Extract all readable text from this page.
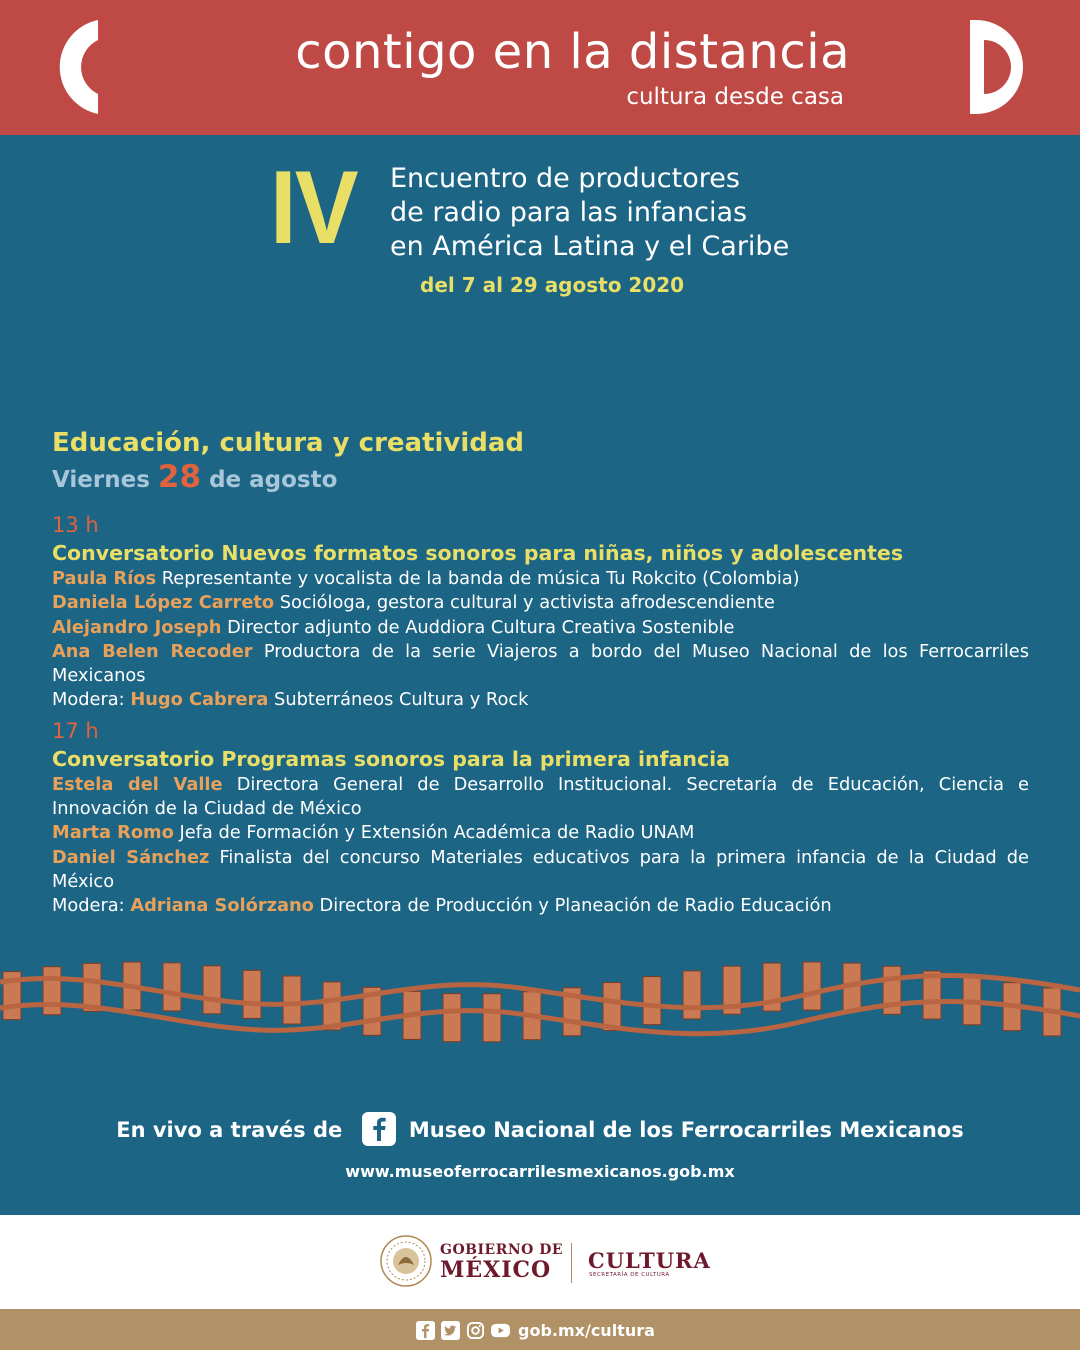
contigo en la distancia
cultura desde casa
IV Encuentro de productores
de radio para las infancias
en América Latina y el Caribe
del 7 al 29 agosto 2020
Educación, cultura y creatividad
Viernes 28 de agosto
13 h
Conversatorio Nuevos formatos sonoros para niñas, niños y adolescentes
Paula Ríos Representante y vocalista de la banda de música Tu Rokcito (Colombia)
Daniela López Carreto Socióloga, gestora cultural y activista afrodescendiente
Alejandro Joseph Director adjunto de Auddiora Cultura Creativa Sostenible
Ana Belen Recoder Productora de la serie Viajeros a bordo del Museo Nacional de los Ferrocarriles Mexicanos
Modera: Hugo Cabrera Subterráneos Cultura y Rock
17 h
Conversatorio Programas sonoros para la primera infancia
Estela del Valle Directora General de Desarrollo Institucional. Secretaría de Educación, Ciencia e Innovación de la Ciudad de México
Marta Romo Jefa de Formación y Extensión Académica de Radio UNAM
Daniel Sánchez Finalista del concurso Materiales educativos para la primera infancia de la Ciudad de México
Modera: Adriana Solórzano Directora de Producción y Planeación de Radio Educación
En vivo a través de	Museo Nacional de los Ferrocarriles Mexicanos
www.museoferrocarrilesmexicanos.gob.mx
GOBIERNO DE
MÉXICO CULTURA
SECRETARÍA DE CULTURA
gob.mx/cultura
